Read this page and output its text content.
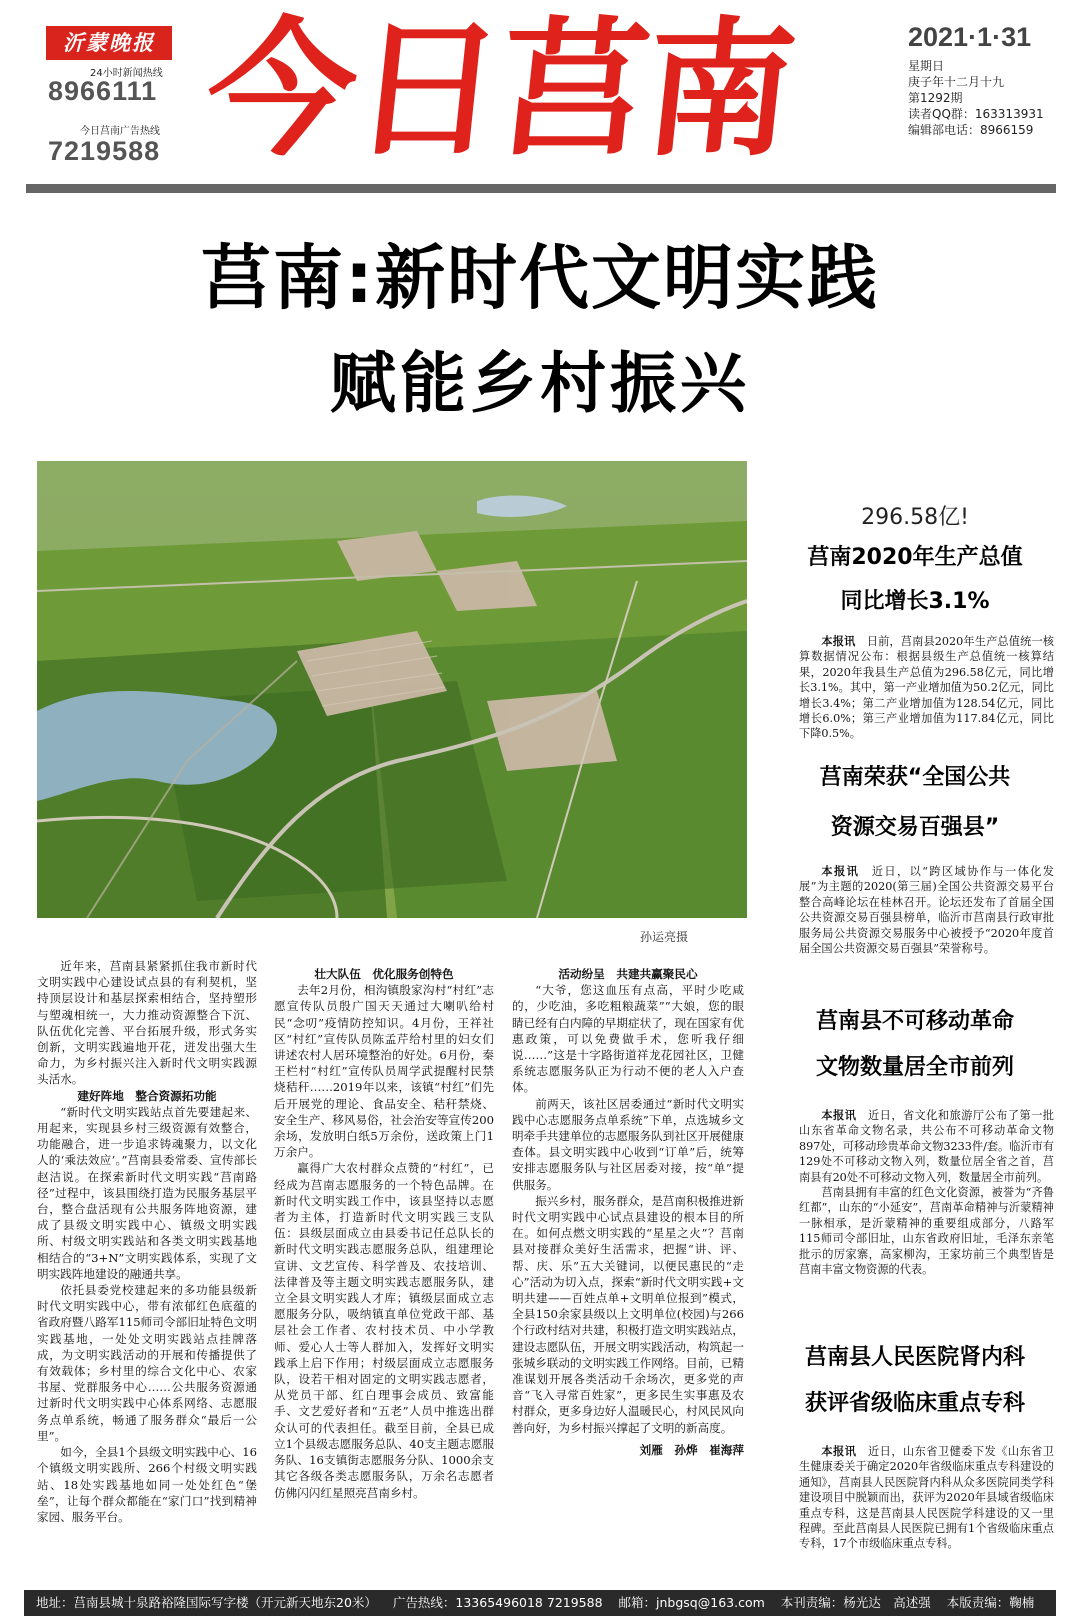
沂蒙晚报
24小时新闻热线
8966111
今日莒南广告热线
7219588 今日莒南	2021·1·31
星期日
庚子年十二月十九
第1292期
读者QQ群：163313931
编辑部电话：8966159
莒南:新时代文明实践
赋能乡村振兴
孙运亮摄

近年来，莒南县紧紧抓住我市新时代文明实践中心建设试点县的有利契机，坚持顶层设计和基层探索相结合，坚持塑形与塑魂相统一，大力推动资源整合下沉、队伍优化完善、平台拓展升级，形式务实创新，文明实践遍地开花，迸发出强大生命力，为乡村振兴注入新时代文明实践源头活水。

建好阵地　整合资源拓功能

“新时代文明实践站点首先要建起来、用起来，实现县乡村三级资源有效整合，功能融合，进一步追求铸魂聚力，以文化人的‘乘法效应’。”莒南县委常委、宣传部长赵洁说。在探索新时代文明实践“莒南路径”过程中，该县围绕打造为民服务基层平台，整合盘活现有公共服务阵地资源，建成了县级文明实践中心、镇级文明实践所、村级文明实践站和各类文明实践基地相结合的“3+N”文明实践体系，实现了文明实践阵地建设的融通共享。

依托县委党校建起来的多功能县级新时代文明实践中心，带有浓郁红色底蕴的省政府暨八路军115师司令部旧址特色文明实践基地，一处处文明实践站点挂牌落成，为文明实践活动的开展和传播提供了有效载体；乡村里的综合文化中心、农家书屋、党群服务中心……公共服务资源通过新时代文明实践中心体系网络、志愿服务点单系统，畅通了服务群众“最后一公里”。

如今，全县1个县级文明实践中心、16个镇级文明实践所、266个村级文明实践站、18处实践基地如同一处处红色“堡垒”，让每个群众都能在“家门口”找到精神家园、服务平台。

壮大队伍　优化服务创特色

去年2月份，相沟镇殷家沟村“村红”志愿宣传队员殷广国天天通过大喇叭给村民“念叨”疫情防控知识。4月份，王祥社区“村红”宣传队员陈孟芹给村里的妇女们讲述农村人居环境整治的好处。6月份，秦王栏村“村红”宣传队员周学武提醒村民禁烧秸秆……2019年以来，该镇“村红”们先后开展党的理论、食品安全、秸秆禁烧、安全生产、移风易俗，社会治安等宣传200余场，发放明白纸5万余份，送政策上门1万余户。

赢得广大农村群众点赞的“村红”，已经成为莒南志愿服务的一个特色品牌。在新时代文明实践工作中，该县坚持以志愿者为主体，打造新时代文明实践三支队伍：县级层面成立由县委书记任总队长的新时代文明实践志愿服务总队，组建理论宣讲、文艺宣传、科学普及、农技培训、法律普及等主题文明实践志愿服务队，建立全县文明实践人才库；镇级层面成立志愿服务分队，吸纳镇直单位党政干部、基层社会工作者、农村技术员、中小学教师、爱心人士等人群加入，发挥好文明实践承上启下作用；村级层面成立志愿服务队，设若干相对固定的文明实践志愿者，从党员干部、红白理事会成员、致富能手、文艺爱好者和“五老”人员中推选出群众认可的代表担任。截至目前，全县已成立1个县级志愿服务总队、40支主题志愿服务队、16支镇街志愿服务分队、1000余支其它各级各类志愿服务队，万余名志愿者仿佛闪闪红星照亮莒南乡村。

活动纷呈　共建共赢聚民心

“大爷，您这血压有点高，平时少吃咸的，少吃油，多吃粗粮蔬菜”“大娘，您的眼睛已经有白内障的早期症状了，现在国家有优惠政策，可以免费做手术，您听我仔细说……”这是十字路街道祥龙花园社区，卫健系统志愿服务队正为行动不便的老人入户查体。

前两天，该社区居委通过“新时代文明实践中心志愿服务点单系统”下单，点选城乡文明牵手共建单位的志愿服务队到社区开展健康查体。县文明实践中心收到“订单”后，统筹安排志愿服务队与社区居委对接，按“单”提供服务。

振兴乡村，服务群众，是莒南积极推进新时代文明实践中心试点县建设的根本目的所在。如何点燃文明实践的“星星之火”？莒南县对接群众美好生活需求，把握“讲、评、帮、庆、乐”五大关键词，以便民惠民的“走心”活动为切入点，探索“新时代文明实践+文明共建——百姓点单+文明单位报到”模式，全县150余家县级以上文明单位(校园)与266个行政村结对共建，积极打造文明实践站点，建设志愿队伍，开展文明实践活动，构筑起一张城乡联动的文明实践工作网络。目前，已精准谋划开展各类活动千余场次，更多党的声音“飞入寻常百姓家”，更多民生实事惠及农村群众，更多身边好人温暖民心，村风民风向善向好，为乡村振兴撑起了文明的新高度。

刘雁　孙烨　崔海萍

296.58亿!
莒南2020年生产总值
同比增长3.1%

本报讯　 日前，莒南县2020年生产总值统一核算数据情况公布：根据县级生产总值统一核算结果，2020年我县生产总值为296.58亿元，同比增长3.1%。其中，第一产业增加值为50.2亿元，同比增长3.4%；第二产业增加值为128.54亿元，同比增长6.0%；第三产业增加值为117.84亿元，同比下降0.5%。

莒南荣获“全国公共
资源交易百强县”

本报讯　 近日，以“跨区域协作与一体化发展”为主题的2020(第三届)全国公共资源交易平台整合高峰论坛在桂林召开。论坛还发布了首届全国公共资源交易百强县榜单，临沂市莒南县行政审批服务局公共资源交易服务中心被授予“2020年度首届全国公共资源交易百强县”荣誉称号。

莒南县不可移动革命
文物数量居全市前列

本报讯　 近日，省文化和旅游厅公布了第一批山东省革命文物名录，共公布不可移动革命文物897处，可移动珍贵革命文物3233件/套。临沂市有129处不可移动文物入列，数量位居全省之首，莒南县有20处不可移动文物入列，数量居全市前列。

莒南县拥有丰富的红色文化资源，被誉为“齐鲁红都”，山东的“小延安”，莒南革命精神与沂蒙精神一脉相承，是沂蒙精神的重要组成部分，八路军115师司令部旧址，山东省政府旧址，毛泽东亲笔批示的厉家寨，高家柳沟，王家坊前三个典型皆是莒南丰富文物资源的代表。

莒南县人民医院肾内科
获评省级临床重点专科

本报讯　 近日，山东省卫健委下发《山东省卫生健康委关于确定2020年省级临床重点专科建设的通知》，莒南县人民医院肾内科从众多医院同类学科建设项目中脱颖而出，获评为2020年县域省级临床重点专科，这是莒南县人民医院学科建设的又一里程碑。至此莒南县人民医院已拥有1个省级临床重点专科，17个市级临床重点专科。

地址：莒南县城十泉路裕隆国际写字楼（开元新天地东20米） 广告热线：13365496018 7219588 邮箱：jnbgsq@163.com 本刊责编：杨光达　高述强 本版责编：鞠楠
